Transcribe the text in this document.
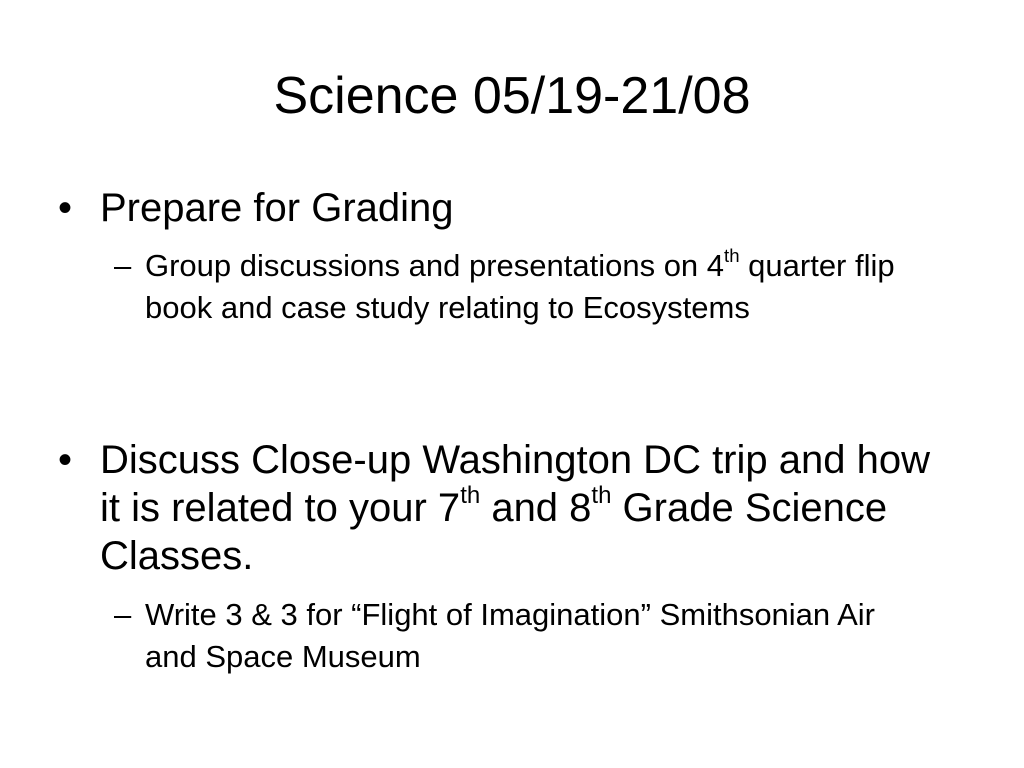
Science 05/19-21/08
• Prepare for Grading
– Group discussions and presentations on 4th quarter flip book and case study relating to Ecosystems
• Discuss Close-up Washington DC trip and how it is related to your 7th and 8th Grade Science Classes.
– Write 3 & 3 for “Flight of Imagination” Smithsonian Air and Space Museum
